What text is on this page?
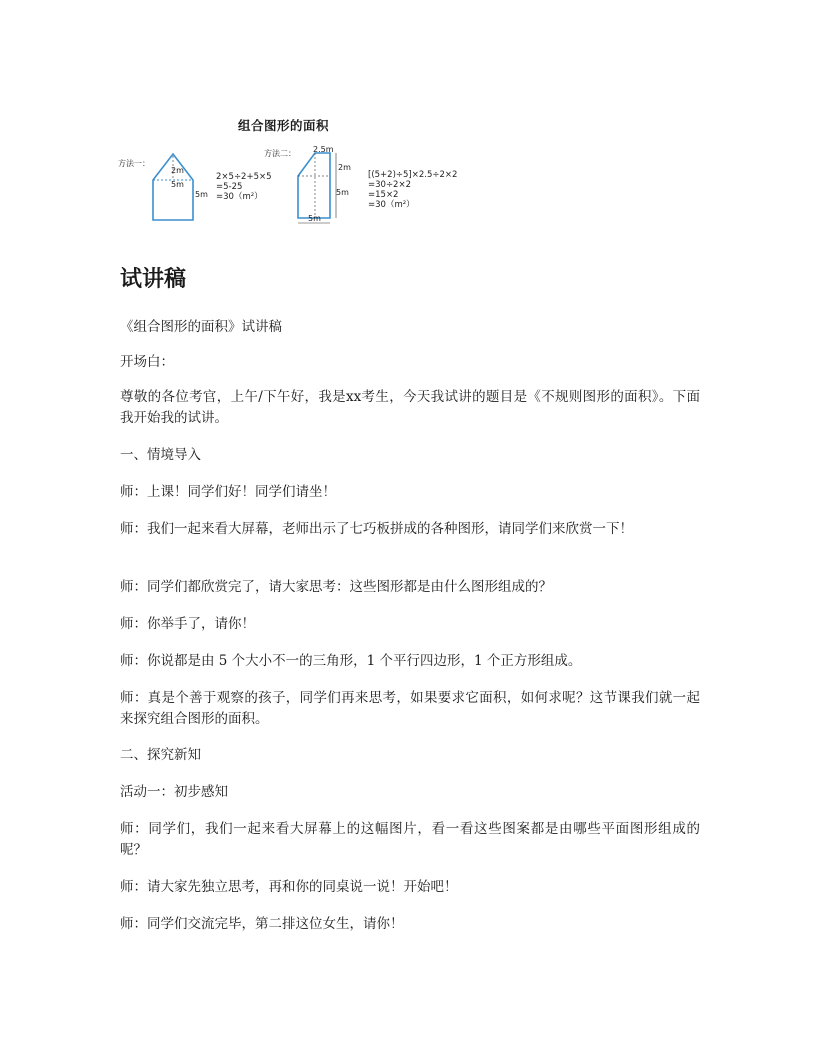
组合图形的面积
方法一：
2m
5m
5m
2×5÷2+5×5
=5-25
=30（m²）
方法二： 2.5m
2m
5m
5m
[(5+2)÷5]×2.5÷2×2
=30÷2×2
=15×2
=30（m²）
试讲稿

《组合图形的面积》试讲稿

开场白：

尊敬的各位考官，上午/下午好，我是xx考生，今天我试讲的题目是《不规则图形的面积》。下面我开始我的试讲。

一、情境导入

师：上课！同学们好！同学们请坐！

师：我们一起来看大屏幕，老师出示了七巧板拼成的各种图形，请同学们来欣赏一下！

师：同学们都欣赏完了，请大家思考：这些图形都是由什么图形组成的？

师：你举手了，请你！

师：你说都是由 5 个大小不一的三角形，1 个平行四边形，1 个正方形组成。

师：真是个善于观察的孩子，同学们再来思考，如果要求它面积，如何求呢？这节课我们就一起来探究组合图形的面积。

二、探究新知

活动一：初步感知

师：同学们，我们一起来看大屏幕上的这幅图片，看一看这些图案都是由哪些平面图形组成的呢？

师：请大家先独立思考，再和你的同桌说一说！开始吧！

师：同学们交流完毕，第二排这位女生，请你！
